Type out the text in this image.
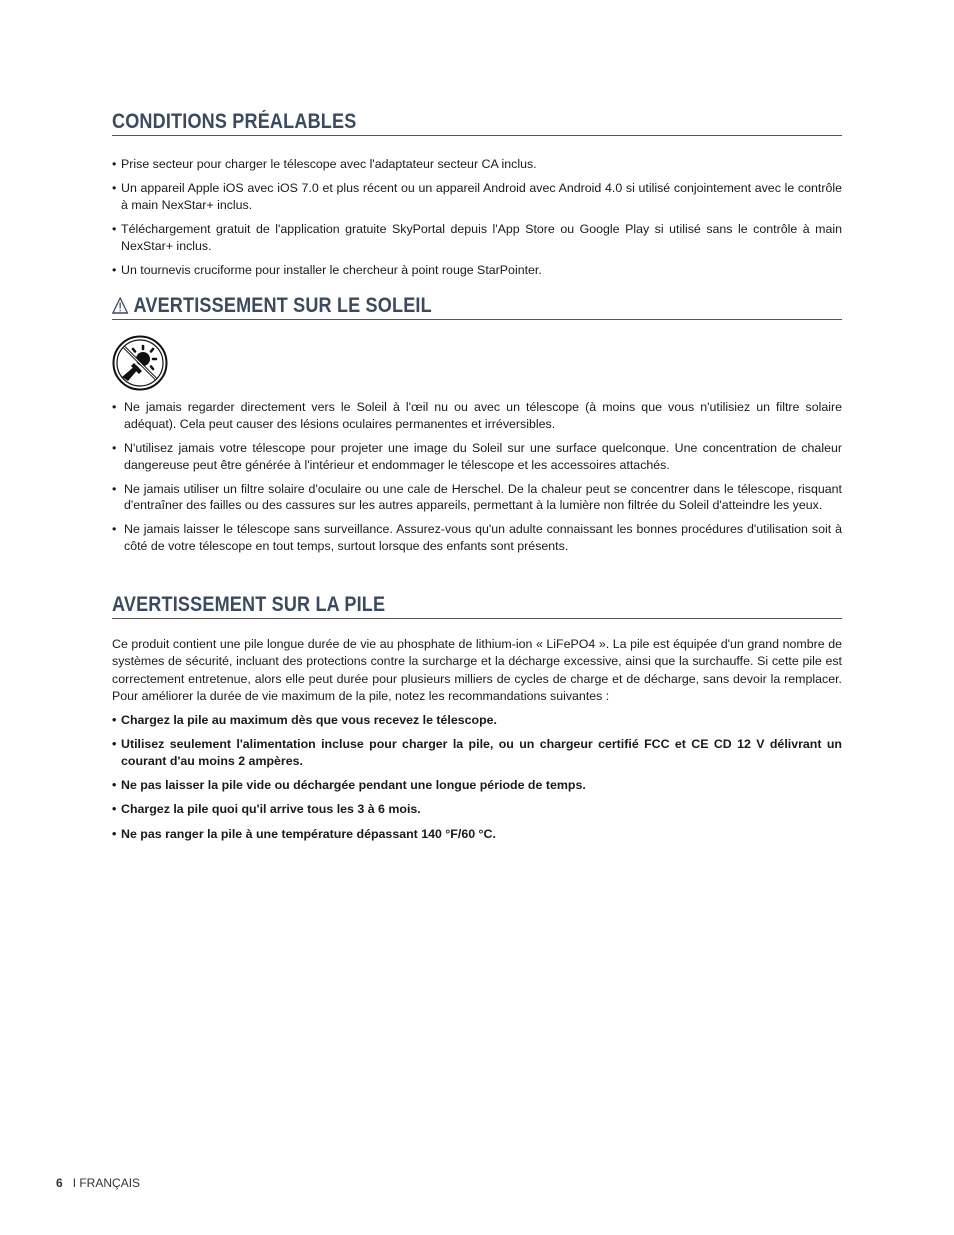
CONDITIONS PRÉALABLES
• Prise secteur pour charger le télescope avec l'adaptateur secteur CA inclus.
• Un appareil Apple iOS avec iOS 7.0 et plus récent ou un appareil Android avec Android 4.0 si utilisé conjointement avec le contrôle à main NexStar+ inclus.
• Téléchargement gratuit de l'application gratuite SkyPortal depuis l'App Store ou Google Play si utilisé sans le contrôle à main NexStar+ inclus.
• Un tournevis cruciforme pour installer le chercheur à point rouge StarPointer.
AVERTISSEMENT SUR LE SOLEIL
• Ne jamais regarder directement vers le Soleil à l'œil nu ou avec un télescope (à moins que vous n'utilisiez un filtre solaire adéquat). Cela peut causer des lésions oculaires permanentes et irréversibles.
• N'utilisez jamais votre télescope pour projeter une image du Soleil sur une surface quelconque. Une concentration de chaleur dangereuse peut être générée à l'intérieur et endommager le télescope et les accessoires attachés.
• Ne jamais utiliser un filtre solaire d'oculaire ou une cale de Herschel. De la chaleur peut se concentrer dans le télescope, risquant d'entraîner des failles ou des cassures sur les autres appareils, permettant à la lumière non filtrée du Soleil d'atteindre les yeux.
• Ne jamais laisser le télescope sans surveillance. Assurez-vous qu'un adulte connaissant les bonnes procédures d'utilisation soit à côté de votre télescope en tout temps, surtout lorsque des enfants sont présents.
AVERTISSEMENT SUR LA PILE

Ce produit contient une pile longue durée de vie au phosphate de lithium-ion « LiFePO4 ». La pile est équipée d'un grand nombre de systèmes de sécurité, incluant des protections contre la surcharge et la décharge excessive, ainsi que la surchauffe. Si cette pile est correctement entretenue, alors elle peut durée pour plusieurs milliers de cycles de charge et de décharge, sans devoir la remplacer. Pour améliorer la durée de vie maximum de la pile, notez les recommandations suivantes :

• Chargez la pile au maximum dès que vous recevez le télescope.
• Utilisez seulement l'alimentation incluse pour charger la pile, ou un chargeur certifié FCC et CE CD 12 V délivrant un courant d'au moins 2 ampères.
• Ne pas laisser la pile vide ou déchargée pendant une longue période de temps.
• Chargez la pile quoi qu'il arrive tous les 3 à 6 mois.
• Ne pas ranger la pile à une température dépassant 140 °F/60 °C.
6 I FRANÇAIS
